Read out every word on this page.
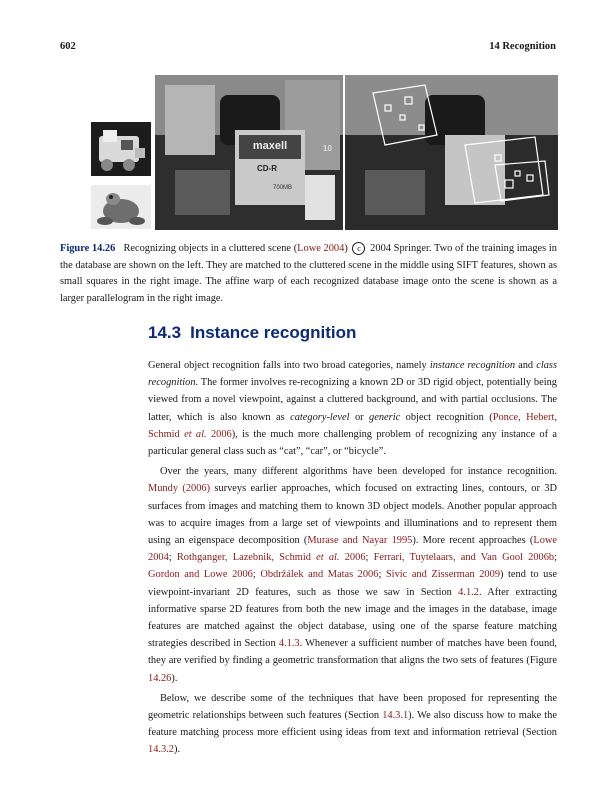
602	14 Recognition
maxell
CD-R
700MB
10
Figure 14.26 Recognizing objects in a cluttered scene (Lowe 2004) c 2004 Springer. Two of the training images in the database are shown on the left. They are matched to the cluttered scene in the middle using SIFT features, shown as small squares in the right image. The affine warp of each recognized database image onto the scene is shown as a larger parallelogram in the right image.
14.3 Instance recognition

General object recognition falls into two broad categories, namely instance recognition and class recognition. The former involves re-recognizing a known 2D or 3D rigid object, potentially being viewed from a novel viewpoint, against a cluttered background, and with partial occlusions. The latter, which is also known as category-level or generic object recognition (Ponce, Hebert, Schmid et al. 2006), is the much more challenging problem of recognizing any instance of a particular general class such as “cat”, “car”, or “bicycle”.

Over the years, many different algorithms have been developed for instance recognition. Mundy (2006) surveys earlier approaches, which focused on extracting lines, contours, or 3D surfaces from images and matching them to known 3D object models. Another popular approach was to acquire images from a large set of viewpoints and illuminations and to represent them using an eigenspace decomposition (Murase and Nayar 1995). More recent approaches (Lowe 2004; Rothganger, Lazebnik, Schmid et al. 2006; Ferrari, Tuytelaars, and Van Gool 2006b; Gordon and Lowe 2006; Obdržálek and Matas 2006; Sivic and Zisserman 2009) tend to use viewpoint-invariant 2D features, such as those we saw in Section 4.1.2. After extracting informative sparse 2D features from both the new image and the images in the database, image features are matched against the object database, using one of the sparse feature matching strategies described in Section 4.1.3. Whenever a sufficient number of matches have been found, they are verified by finding a geometric transformation that aligns the two sets of features (Figure 14.26).

Below, we describe some of the techniques that have been proposed for representing the geometric relationships between such features (Section 14.3.1). We also discuss how to make the feature matching process more efficient using ideas from text and information retrieval (Section 14.3.2).
